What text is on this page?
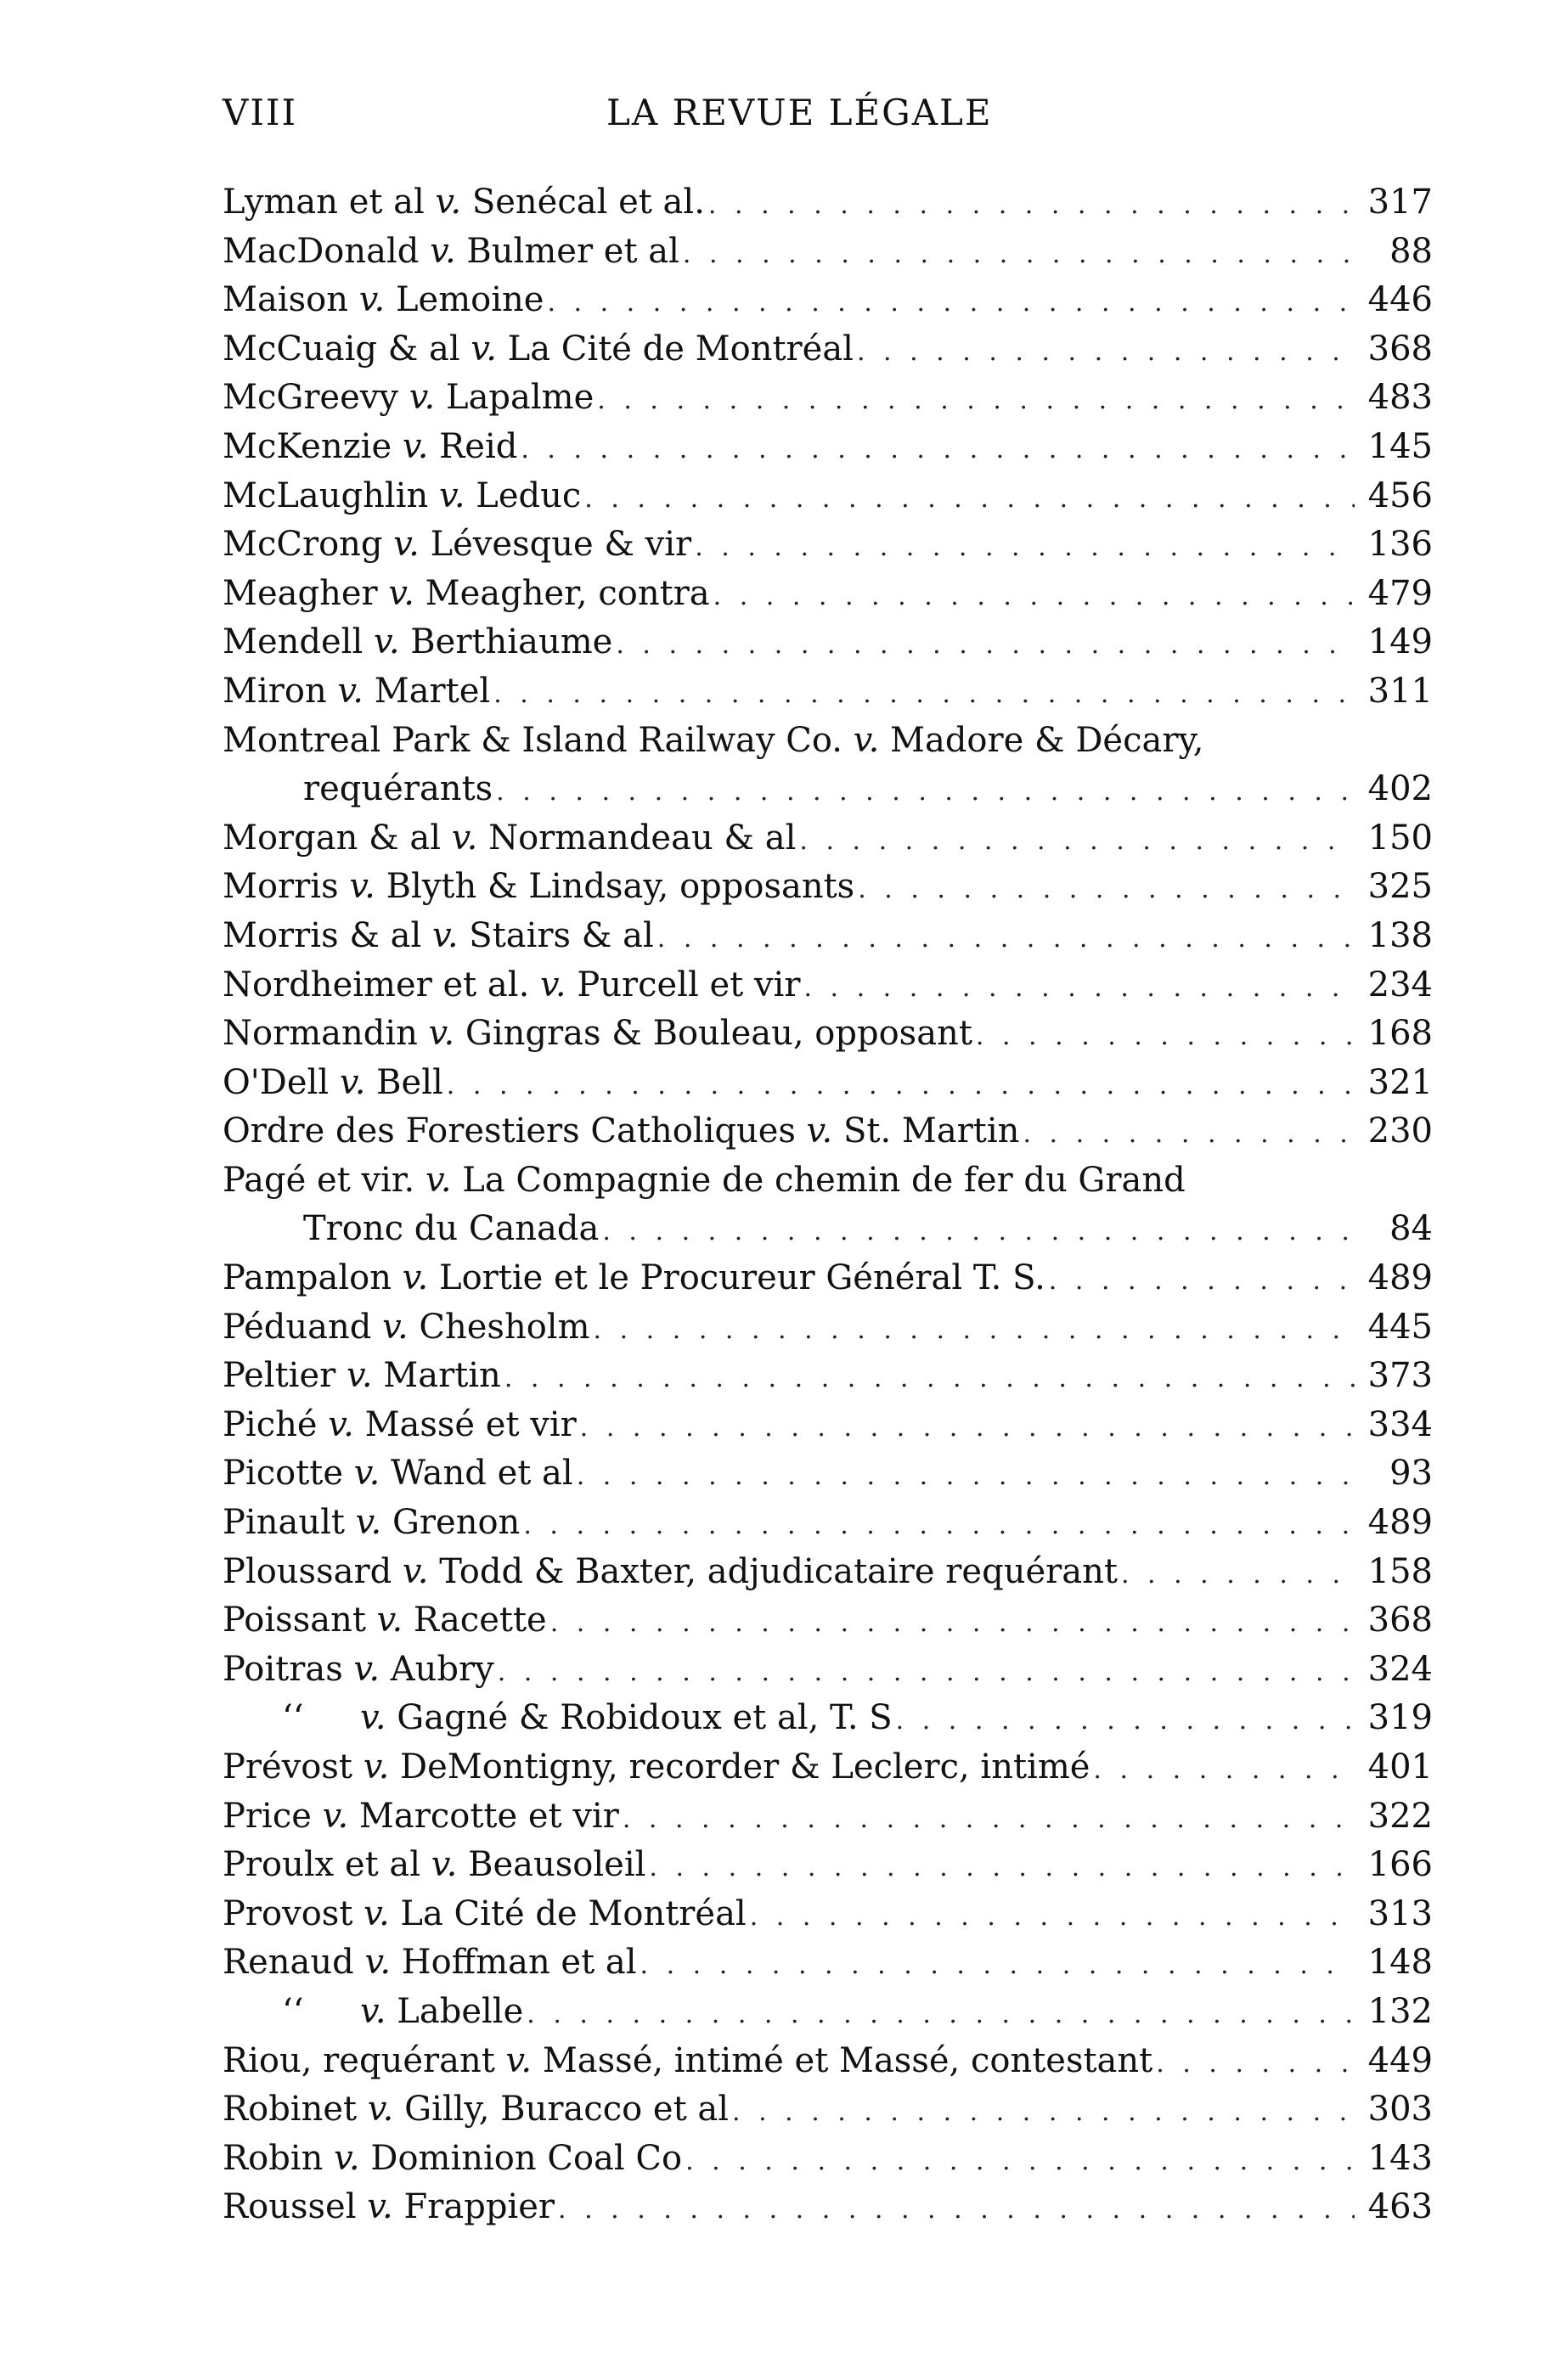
VIII	LA REVUE LÉGALE
Lyman et al v. Senécal et al. . . .	317
MacDonald v. Bulmer et al . . .	88
Maison v. Lemoine . . .	446
McCuaig & al v. La Cité de Montréal . . .	368
McGreevy v. Lapalme . . .	483
McKenzie v. Reid . . .	145
McLaughlin v. Leduc . . .	456
McCrong v. Lévesque & vir . . .	136
Meagher v. Meagher, contra . . .	479
Mendell v. Berthiaume . . .	149
Miron v. Martel . . .	311
Montreal Park & Island Railway Co. v. Madore & Décary,
requérants . . .	402
Morgan & al v. Normandeau & al . . .	150
Morris v. Blyth & Lindsay, opposants . . .	325
Morris & al v. Stairs & al . . .	138
Nordheimer et al. v. Purcell et vir . . .	234
Normandin v. Gingras & Bouleau, opposant . . .	168
O'Dell v. Bell . . .	321
Ordre des Forestiers Catholiques v. St. Martin . . .	230
Pagé et vir. v. La Compagnie de chemin de fer du Grand
Tronc du Canada . . .	84
Pampalon v. Lortie et le Procureur Général T. S. . . .	489
Péduand v. Chesholm . . .	445
Peltier v. Martin . . .	373
Piché v. Massé et vir . . .	334
Picotte v. Wand et al . . .	93
Pinault v. Grenon . . .	489
Ploussard v. Todd & Baxter, adjudicataire requérant . . .	158
Poissant v. Racette . . .	368
Poitras v. Aubry . . .	324
‘‘ v. Gagné & Robidoux et al, T. S . . .	319
Prévost v. DeMontigny, recorder & Leclerc, intimé . . .	401
Price v. Marcotte et vir . . .	322
Proulx et al v. Beausoleil . . .	166
Provost v. La Cité de Montréal . . .	313
Renaud v. Hoffman et al . . .	148
‘‘ v. Labelle . . .	132
Riou, requérant v. Massé, intimé et Massé, contestant . . .	449
Robinet v. Gilly, Buracco et al . . .	303
Robin v. Dominion Coal Co . . .	143
Roussel v. Frappier . . .	463
